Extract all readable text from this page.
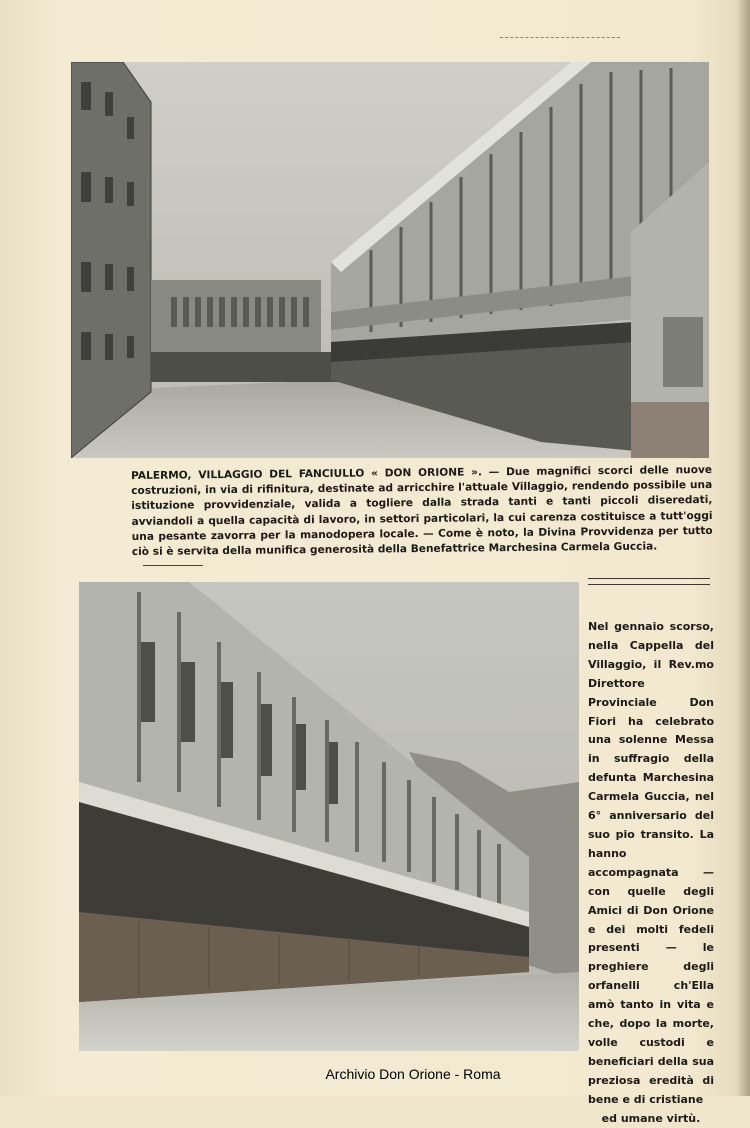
PALERMO, VILLAGGIO DEL FANCIULLO « DON ORIONE ». — Due magnifici scorci delle nuove costruzioni, in via di rifinitura, destinate ad arricchire l'attuale Villaggio, rendendo possibile una istituzione provvidenziale, valida a togliere dalla strada tanti e tanti piccoli diseredati, avviandoli a quella capacità di lavoro, in settori particolari, la cui carenza costituisce a tutt'oggi una pesante zavorra per la manodopera locale. — Come è noto, la Divina Provvidenza per tutto ciò si è servita della munifica generosità della Benefattrice Marchesina Carmela Guccia.
Nel gennaio scorso, nella Cappella del Villaggio, il Rev.mo Direttore Provinciale Don Fiori ha celebrato una solenne Messa in suffragio della defunta Marchesina Carmela Guccia, nel 6° anniversario del suo pio transito. La hanno accompagnata — con quelle degli Amici di Don Orione e dei molti fedeli presenti — le preghiere degli orfanelli ch'Ella amò tanto in vita e che, dopo la morte, volle custodi e beneficiari della sua preziosa eredità di bene e di cristiane
ed umane virtù.
Archivio Don Orione - Roma
